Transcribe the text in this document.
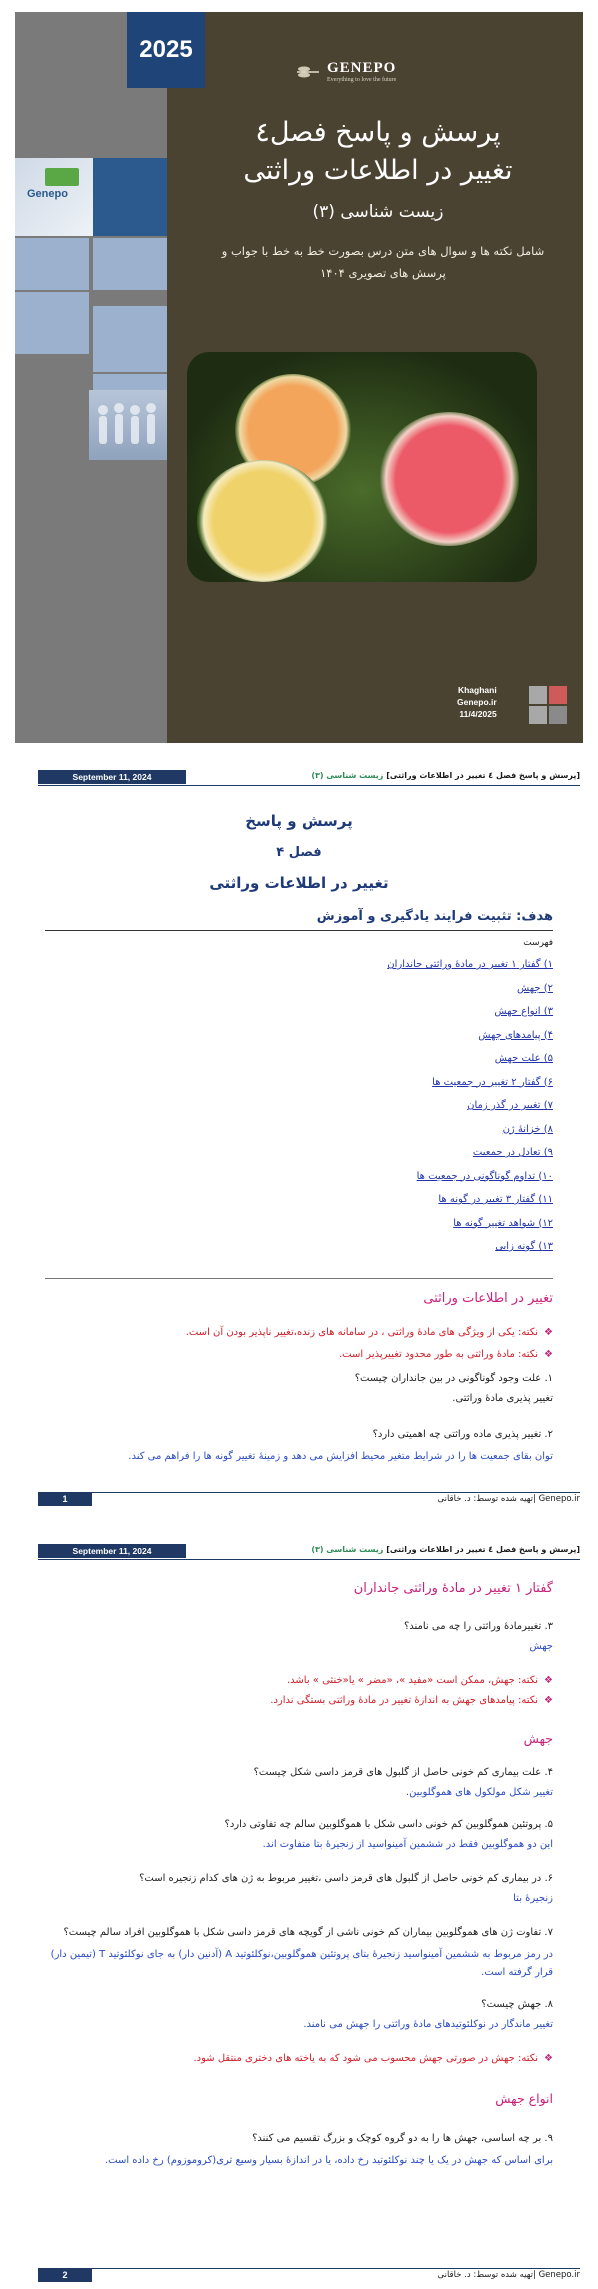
2025
Genepo
GENEPO
Everything to love the future
پرسش و پاسخ فصل٤
تغییر در اطلاعات وراثتی
زیست شناسی (۳)
شامل نکته ها و سوال های متن درس بصورت خط به خط با جواب و پرسش های تصویری ۱۴۰۴
Khaghani
Genepo.ir
11/4/2025
September 11, 2024	[پرسش و پاسخ فصل ٤ تغییر در اطلاعات وراثتی] زیست شناسی (۳)
پرسش و پاسخ
فصل ۴
تغییر در اطلاعات وراثتی
هدف: تثبیت فرایند یادگیری و آموزش
فهرست
۱) گفتار ۱ تغییر در مادهٔ وراثتی جانداران
۲) جهش
۳) انواع جهش
۴) پیامدهای جهش
۵) علت جهش
۶) گفتار ۲ تغییر در جمعیت ها
۷) تغییر در گذر زمان
۸) خزانهٔ ژن
۹) تعادل در جمعیت
۱۰) تداوم گوناگونی در جمعیت ها
۱۱) گفتار ۳ تغییر در گونه ها
۱۲) شواهد تغییر گونه ها
۱۳) گونه زایی
تغییر در اطلاعات وراثتی
❖ نکته: یکی از ویژگی های مادهٔ وراثتی ، در سامانه های زنده،تغییر ناپذیر بودن آن است.
❖ نکته: مادهٔ وراثتی به طور محدود تغییرپذیر است.
۱. علت وجود گوناگونی در بین جانداران چیست؟
تغییر پذیری مادهٔ وراثتی.
۲. تغییر پذیری ماده وراثتی چه اهمیتی دارد؟
توان بقای جمعیت ها را در شرایط متغیر محیط افزایش می دهد و زمینهٔ تغییر گونه ها را فراهم می کند.
1	Genepo.ir |تهیه شده توسط: د. خاقانی
September 11, 2024	[پرسش و پاسخ فصل ٤ تغییر در اطلاعات وراثتی] زیست شناسی (۳)
گفتار ۱ تغییر در مادهٔ وراثتی جانداران
۳. تغییرمادهٔ وراثتی را چه می نامند؟
جهش
❖ نکته: جهش، ممکن است «مفید »، «مضر » یا«خنثی » باشد.
❖ نکته: پیامدهای جهش به اندازهٔ تغییر در مادهٔ وراثتی بستگی ندارد.
جهش
۴. علت بیماری کم خونی حاصل از گلبول های قرمز داسی شکل چیست؟
تغییر شکل مولکول های هموگلوبین.
۵. پروتئین هموگلوبین کم خونی داسی شکل با هموگلوبین سالم چه تفاوتی دارد؟
این دو هموگلوبین فقط در ششمین آمینواسید از زنجیرهٔ بتا متفاوت اند.
۶. در بیماری کم خونی حاصل از گلبول های قرمز داسی ،تغییر مربوط به ژن های کدام زنجیره است؟
زنجیرهٔ بتا
۷. تفاوت ژن های هموگلوبین بیماران کم خونی ناشی از گویچه های قرمز داسی شکل با هموگلوبین افراد سالم چیست؟
در رمز مربوط به ششمین آمینواسید زنجیرهٔ بتای پروتئین هموگلوبین،نوکلئوتید A (آدنین دار) به جای نوکلئوتید T (تیمین دار) قرار گرفته است.
۸. جهش چیست؟
تغییر ماندگار در نوکلئوتیدهای مادهٔ وراثتی را جهش می نامند.
❖ نکته: جهش در صورتی جهش محسوب می شود که به یاخته های دختری منتقل شود.
انواع جهش
۹. بر چه اساسی، جهش ها را به دو گروه کوچک و بزرگ تقسیم می کنند؟
برای اساس که جهش در یک یا چند نوکلئوتید رخ داده، یا در اندازهٔ بسیار وسیع تری(کروموزوم) رخ داده است.
2	Genepo.ir |تهیه شده توسط: د. خاقانی
